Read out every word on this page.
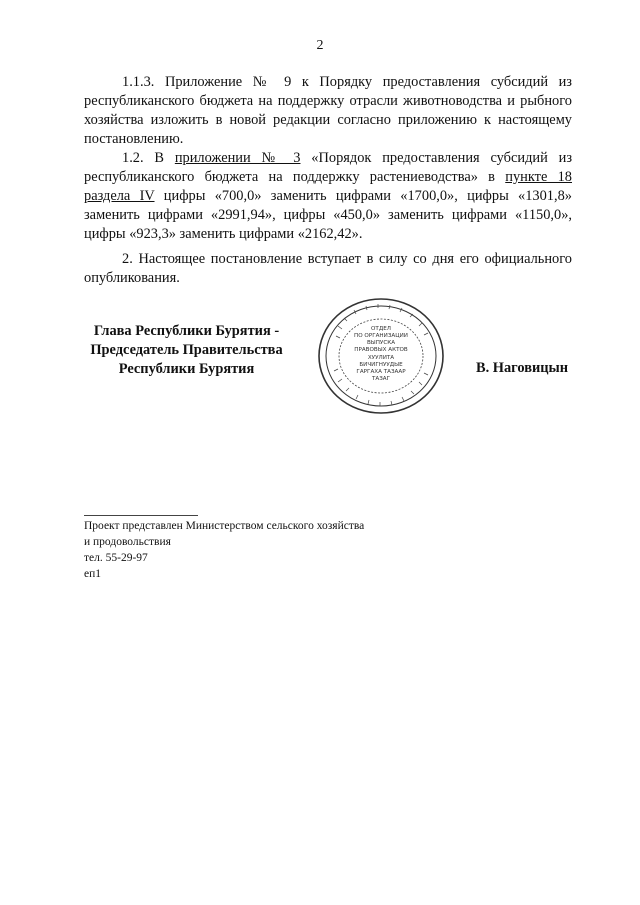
2

1.1.3. Приложение № 9 к Порядку предоставления субсидий из республиканского бюджета на поддержку отрасли животноводства и рыбного хозяйства изложить в новой редакции согласно приложению к настоящему постановлению.

1.2. В приложении № 3 «Порядок предоставления субсидий из республиканского бюджета на поддержку растениеводства» в пункте 18 раздела IV цифры «700,0» заменить цифрами «1700,0», цифры «1301,8» заменить цифрами «2991,94», цифры «450,0» заменить цифрами «1150,0», цифры «923,3» заменить цифрами «2162,42».

2. Настоящее постановление вступает в силу со дня его официального опубликования.

Глава Республики Бурятия -
Председатель Правительства
Республики Бурятия
ОТДЕЛ
ПО ОРГАНИЗАЦИИ
ВЫПУСКА
ПРАВОВЫХ АКТОВ
ХУУЛИТА
БИЧИГНУУДЫЕ
ГАРГАХА ТАЗААР
ТАЗАГ
В. Наговицын
Проект представлен Министерством сельского хозяйства
и продовольствия
тел. 55-29-97
еп1
